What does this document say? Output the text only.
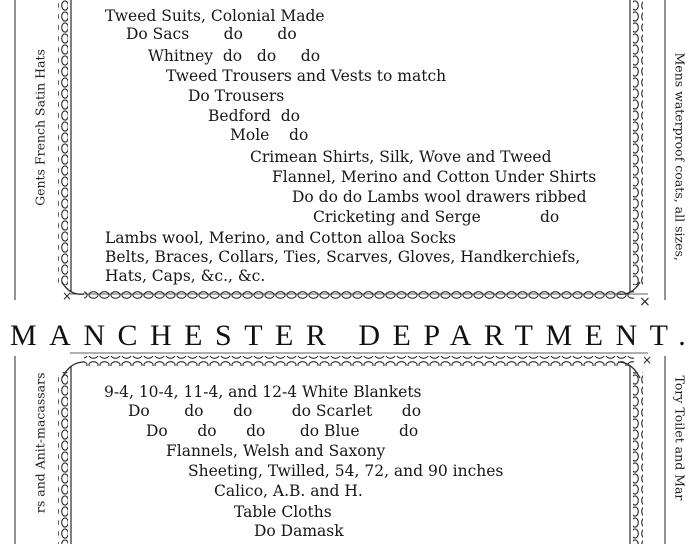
×
×
×
Tweed Suits, Colonial Made
Do Sacs       do       do
Whitney  do   do     do
Tweed Trousers and Vests to match
Do Trousers
Bedford  do
Mole    do
Crimean Shirts, Silk, Wove and Tweed
Flannel, Merino and Cotton Under Shirts
Do do do Lambs wool drawers ribbed
Cricketing and Serge            do
Lambs wool, Merino, and Cotton alloa Socks
Belts, Braces, Collars, Ties, Scarves, Gloves, Handkerchiefs,
Hats, Caps, &c., &c.
Gents French Satin Hats	Mens waterproof coats, all sizes,
MANCHESTER DEPARTMENT.
9-4, 10-4, 11-4, and 12-4 White Blankets
Do       do      do        do Scarlet      do
Do      do      do       do Blue        do
Flannels, Welsh and Saxony
Sheeting, Twilled, 54, 72, and 90 inches
Calico, A.B. and H.
Table Cloths
Do Damask
rs and Anit-macassars	Tory Toilet and Mar
